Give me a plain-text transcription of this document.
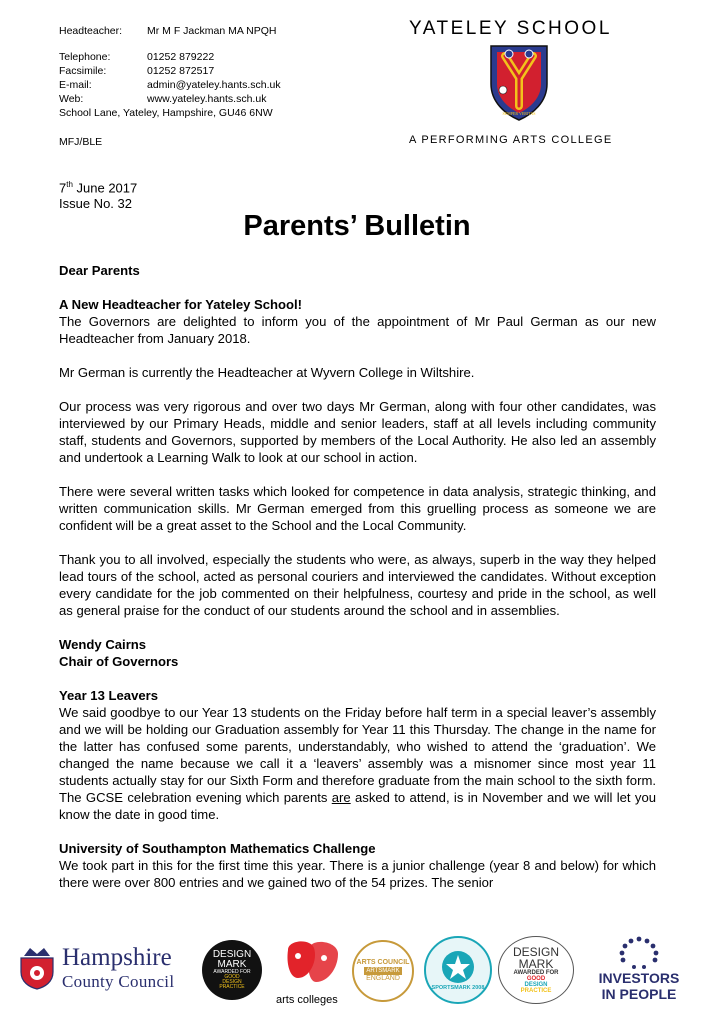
Headteacher:	Mr M F Jackman MA NPQH
Telephone:	01252 879222
Facsimile:	01252 872517
E-mail:	admin@yateley.hants.sch.uk
Web:	www.yateley.hants.sch.uk
School Lane, Yateley, Hampshire, GU46 6NW
MFJ/BLE
YATELEY SCHOOL
SEMPER VERITAS
A PERFORMING ARTS COLLEGE
7th June 2017
Issue No. 32
Parents’ Bulletin

Dear Parents

A New Headteacher for Yateley School!

The Governors are delighted to inform you of the appointment of Mr Paul German as our new Headteacher from January 2018.

Mr German is currently the Headteacher at Wyvern College in Wiltshire.

Our process was very rigorous and over two days Mr German, along with four other candidates, was interviewed by our Primary Heads, middle and senior leaders, staff at all levels including community staff, students and Governors, supported by members of the Local Authority. He also led an assembly and undertook a Learning Walk to look at our school in action.

There were several written tasks which looked for competence in data analysis, strategic thinking, and written communication skills. Mr German emerged from this gruelling process as someone we are confident will be a great asset to the School and the Local Community.

Thank you to all involved, especially the students who were, as always, superb in the way they helped lead tours of the school, acted as personal couriers and interviewed the candidates. Without exception every candidate for the job commented on their helpfulness, courtesy and pride in the school, as well as general praise for the conduct of our students around the school and in assemblies.

Wendy Cairns
Chair of Governors

Year 13 Leavers

We said goodbye to our Year 13 students on the Friday before half term in a special leaver’s assembly and we will be holding our Graduation assembly for Year 11 this Thursday. The change in the name for the latter has confused some parents, understandably, who wished to attend the ‘graduation’. We changed the name because we call it a ‘leavers’ assembly was a misnomer since most year 11 students actually stay for our Sixth Form and therefore graduate from the main school to the sixth form. The GCSE celebration evening which parents are asked to attend, is in November and we will let you know the date in good time.

University of Southampton Mathematics Challenge

We took part in this for the first time this year. There is a junior challenge (year 8 and below) for which there were over 800 entries and we gained two of the 54 prizes. The senior

Hampshire
County Council
DESIGN
MARK
AWARDED FOR
GOOD
DESIGN
PRACTICE
arts colleges
ARTS COUNCIL
ARTSMARK
ENGLAND
SPORTSMARK 2008
DESIGN
MARK
AWARDED FOR
GOOD
DESIGN
PRACTICE
INVESTORS
IN PEOPLE
